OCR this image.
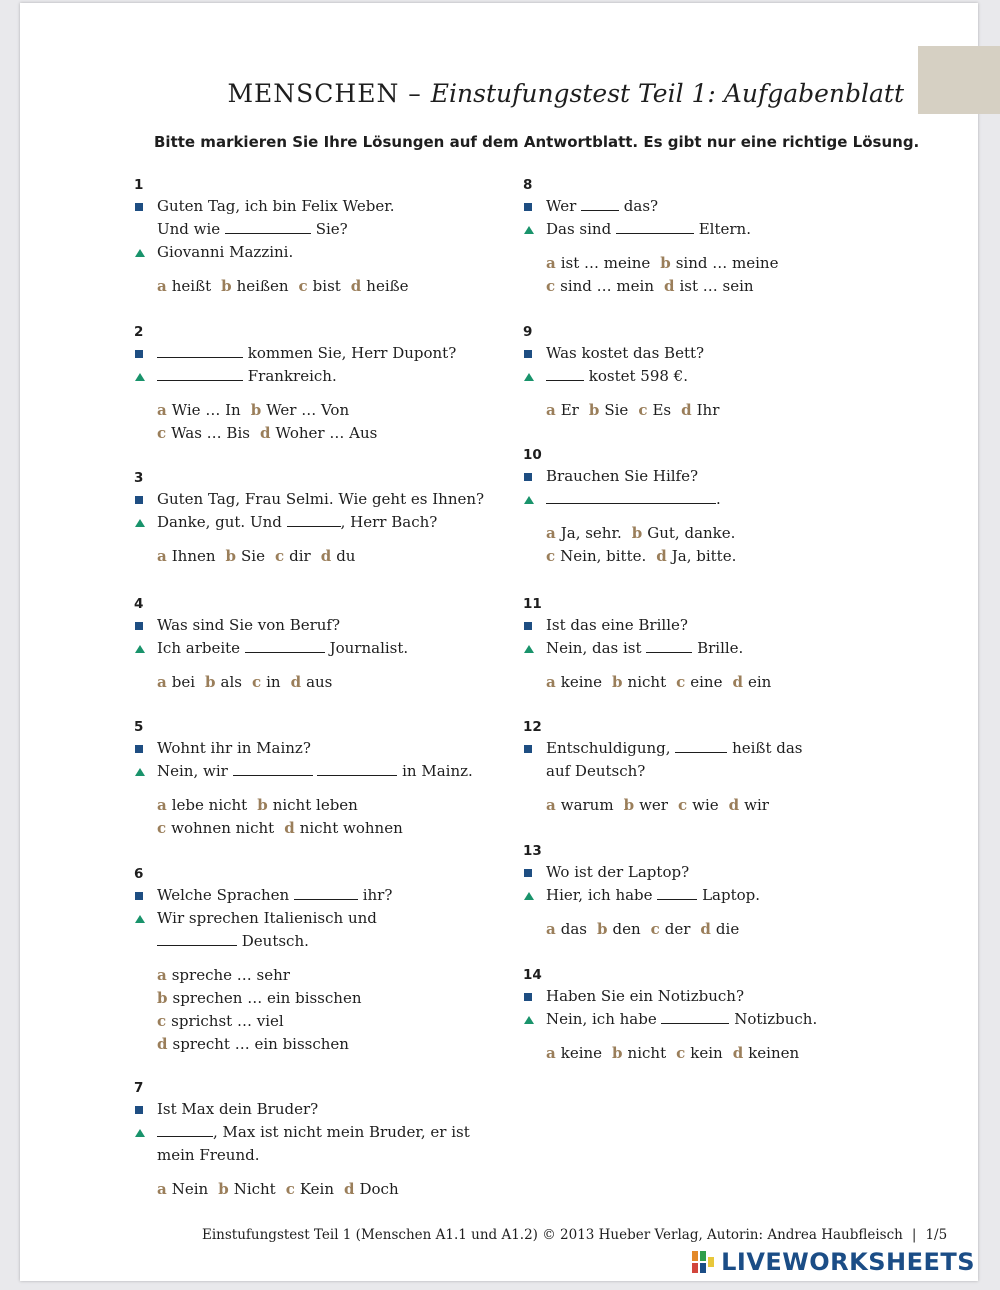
MENSCHEN – Einstufungstest Teil 1: Aufgabenblatt
Bitte markieren Sie Ihre Lösungen auf dem Antwortblatt. Es gibt nur eine richtige Lösung.
1
Guten Tag, ich bin Felix Weber.
Und wie	Sie?
Giovanni Mazzini.
a heißt b heißen c bist d heiße
2
kommen Sie, Herr Dupont?
Frankreich.
a Wie … In b Wer … Von
c Was … Bis d Woher … Aus
3
Guten Tag, Frau Selmi. Wie geht es Ihnen?
Danke, gut. Und	, Herr Bach?
a Ihnen b Sie c dir d du
4
Was sind Sie von Beruf?
Ich arbeite	Journalist.
a bei b als c in d aus
5
Wohnt ihr in Mainz?
Nein, wir	in Mainz.
a lebe nicht b nicht leben
c wohnen nicht d nicht wohnen
6
Welche Sprachen	ihr?
Wir sprechen Italienisch und
Deutsch.
a spreche … sehr
b sprechen … ein bisschen
c sprichst … viel
d sprecht … ein bisschen
7
Ist Max dein Bruder?
, Max ist nicht mein Bruder, er ist
mein Freund.
a Nein b Nicht c Kein d Doch
8
Wer	das?
Das sind	Eltern.
a ist … meine b sind … meine
c sind … mein d ist … sein
9
Was kostet das Bett?
kostet 598 €.
a Er b Sie c Es d Ihr
10
Brauchen Sie Hilfe?
.
a Ja, sehr. b Gut, danke.
c Nein, bitte. d Ja, bitte.
11
Ist das eine Brille?
Nein, das ist	Brille.
a keine b nicht c eine d ein
12
Entschuldigung,	heißt das
auf Deutsch?
a warum b wer c wie d wir
13
Wo ist der Laptop?
Hier, ich habe	Laptop.
a das b den c der d die
14
Haben Sie ein Notizbuch?
Nein, ich habe	Notizbuch.
a keine b nicht c kein d keinen
Einstufungstest Teil 1 (Menschen A1.1 und A1.2) © 2013 Hueber Verlag, Autorin: Andrea Haubfleisch | 1/5
LIVEWORKSHEETS
